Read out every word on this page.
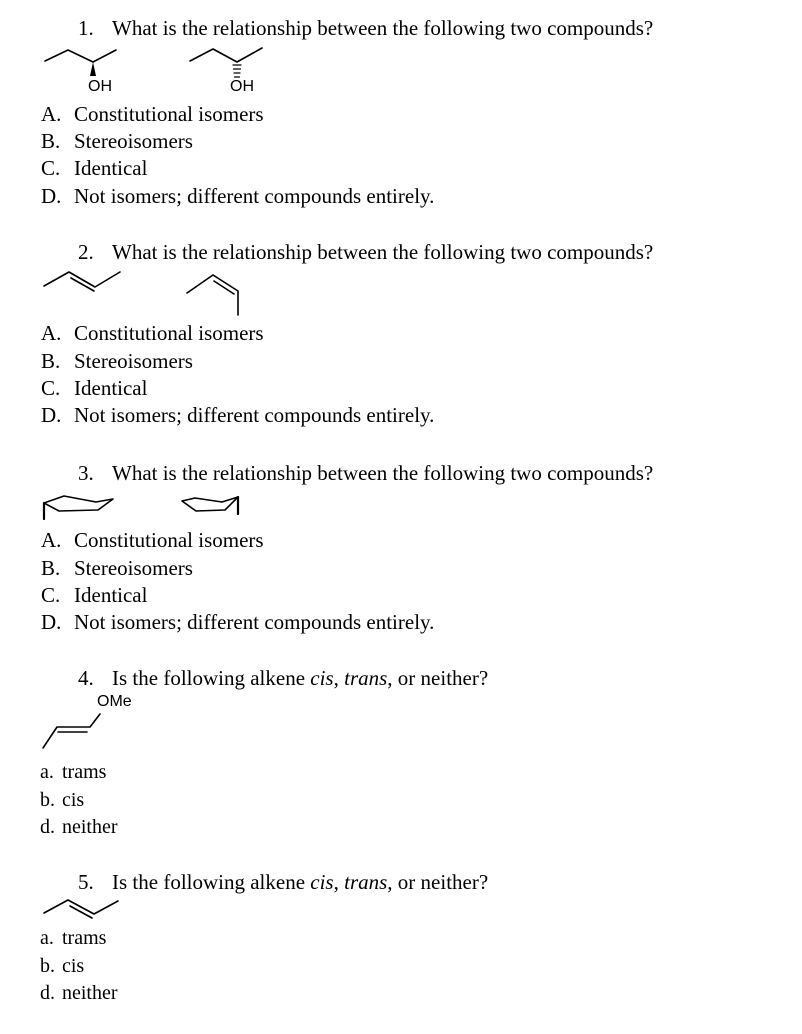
1. What is the relationship between the following two compounds?
OH	OH
A. Constitutional isomers
B. Stereoisomers
C. Identical
D. Not isomers; different compounds entirely.
2. What is the relationship between the following two compounds?
A. Constitutional isomers
B. Stereoisomers
C. Identical
D. Not isomers; different compounds entirely.
3. What is the relationship between the following two compounds?
A. Constitutional isomers
B. Stereoisomers
C. Identical
D. Not isomers; different compounds entirely.
4. Is the following alkene cis, trans, or neither?
OMe
a. trams
b. cis
d. neither
5. Is the following alkene cis, trans, or neither?
a. trams
b. cis
d. neither
